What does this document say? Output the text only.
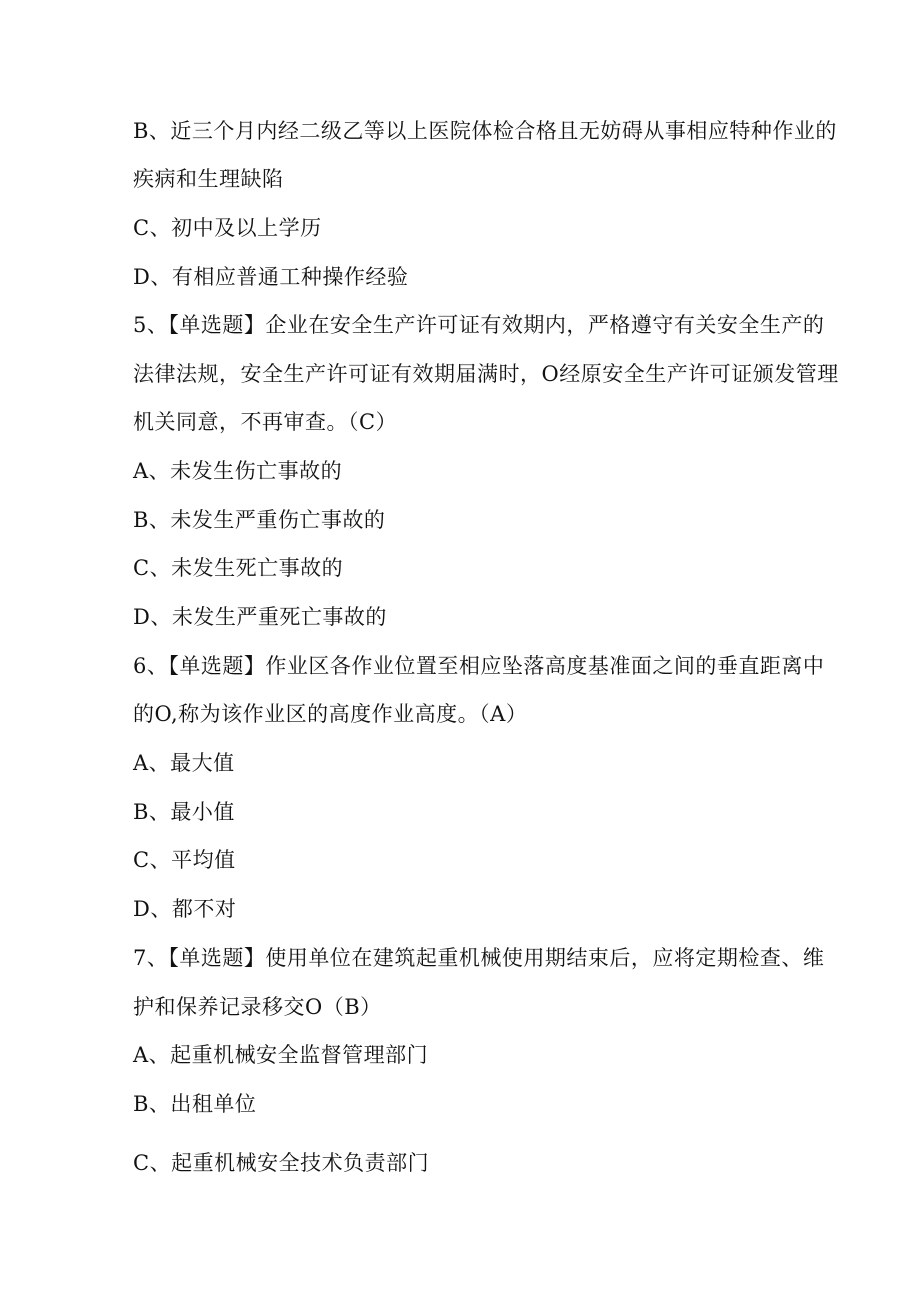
B、近三个月内经二级乙等以上医院体检合格且无妨碍从事相应特种作业的
疾病和生理缺陷
C、初中及以上学历
D、有相应普通工种操作经验
5、【单选题】企业在安全生产许可证有效期内，严格遵守有关安全生产的
法律法规，安全生产许可证有效期届满时，O经原安全生产许可证颁发管理
机关同意，不再审查。（C）
A、未发生伤亡事故的
B、未发生严重伤亡事故的
C、未发生死亡事故的
D、未发生严重死亡事故的
6、【单选题】作业区各作业位置至相应坠落高度基准面之间的垂直距离中
的O,称为该作业区的高度作业高度。（A）
A、最大值
B、最小值
C、平均值
D、都不对
7、【单选题】使用单位在建筑起重机械使用期结束后，应将定期检查、维
护和保养记录移交O（B）
A、起重机械安全监督管理部门
B、出租单位
C、起重机械安全技术负责部门
